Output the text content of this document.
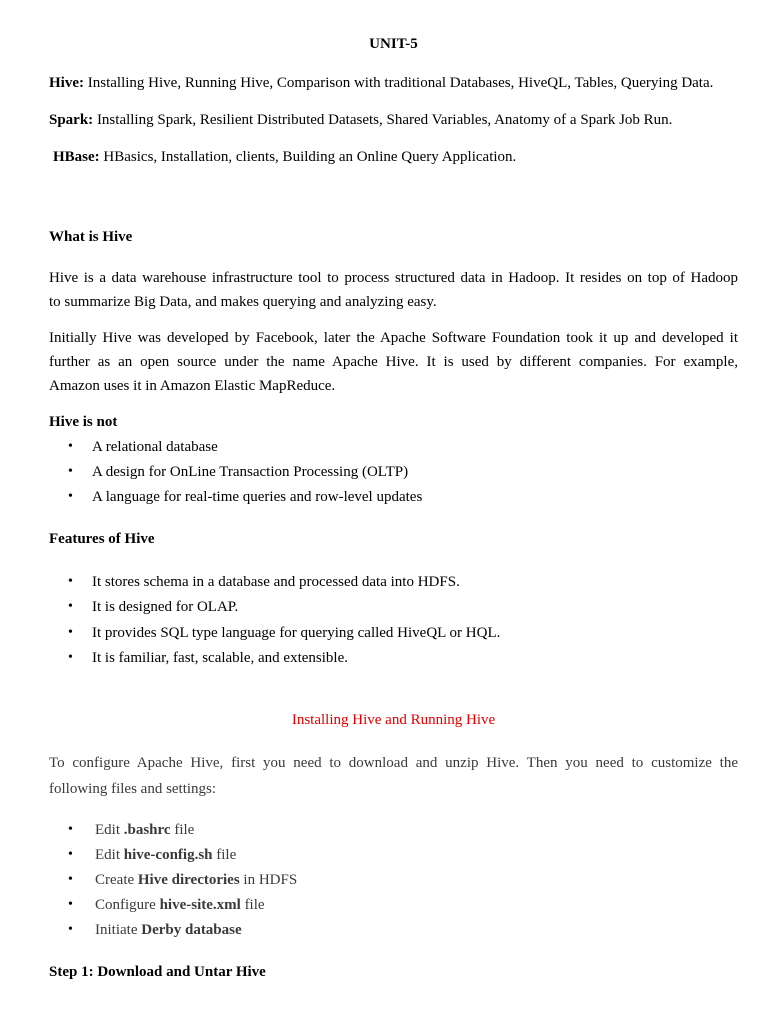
UNIT-5
Hive: Installing Hive, Running Hive, Comparison with traditional Databases, HiveQL, Tables, Querying Data.
Spark: Installing Spark, Resilient Distributed Datasets, Shared Variables, Anatomy of a Spark Job Run.
HBase: HBasics, Installation, clients, Building an Online Query Application.
What is Hive
Hive is a data warehouse infrastructure tool to process structured data in Hadoop. It resides on top of Hadoop
to summarize Big Data, and makes querying and analyzing easy.
Initially Hive was developed by Facebook, later the Apache Software Foundation took it up and developed it
further as an open source under the name Apache Hive. It is used by different companies. For example,
Amazon uses it in Amazon Elastic MapReduce.
Hive is not
• A relational database
• A design for OnLine Transaction Processing (OLTP)
• A language for real-time queries and row-level updates
Features of Hive
• It stores schema in a database and processed data into HDFS.
• It is designed for OLAP.
• It provides SQL type language for querying called HiveQL or HQL.
• It is familiar, fast, scalable, and extensible.
Installing Hive and Running Hive
To configure Apache Hive, first you need to download and unzip Hive. Then you need to customize the
following files and settings:
• Edit .bashrc file
• Edit hive-config.sh file
• Create Hive directories in HDFS
• Configure hive-site.xml file
• Initiate Derby database
Step 1: Download and Untar Hive
